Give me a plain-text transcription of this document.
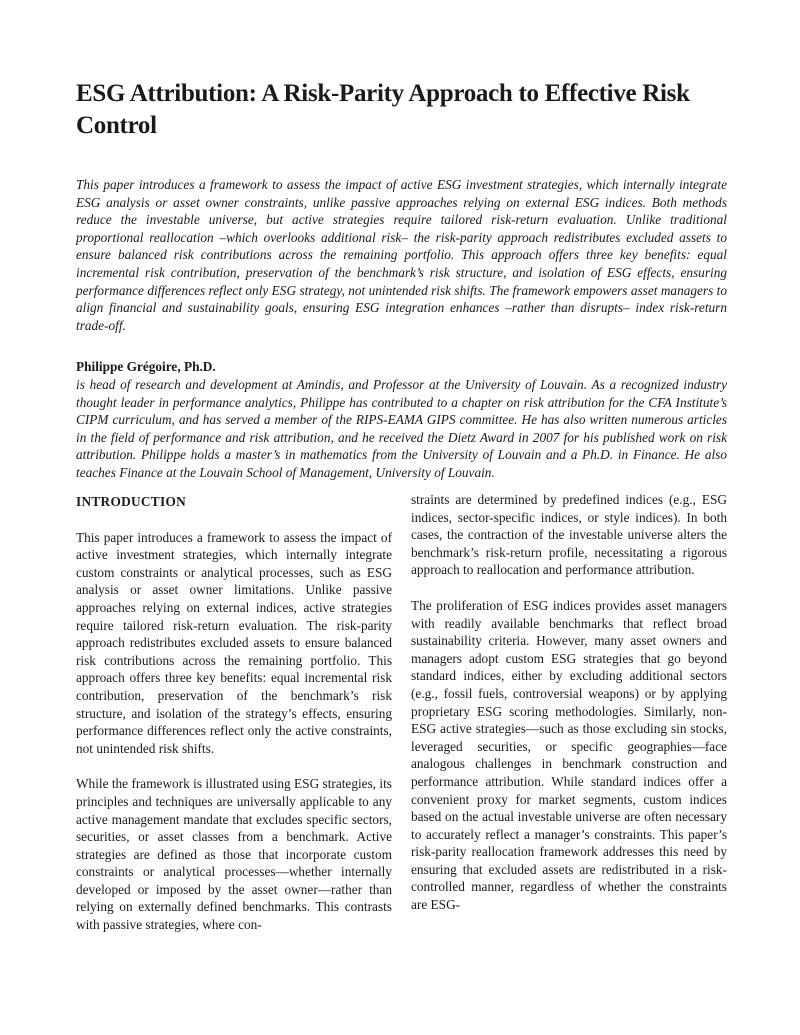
ESG Attribution: A Risk-Parity Approach to Effective Risk Control

This paper introduces a framework to assess the impact of active ESG investment strategies, which internally integrate ESG analysis or asset owner constraints, unlike passive approaches relying on external ESG indices. Both methods reduce the investable universe, but active strategies require tailored risk-return evaluation. Unlike traditional proportional reallocation –which overlooks additional risk– the risk-parity approach redistributes excluded assets to ensure balanced risk contributions across the remaining portfolio. This approach offers three key benefits: equal incremental risk contribution, preservation of the benchmark’s risk structure, and isolation of ESG effects, ensuring performance differences reflect only ESG strategy, not unintended risk shifts. The framework empowers asset managers to align financial and sustainability goals, ensuring ESG integration enhances –rather than disrupts– index risk-return trade-off.

Philippe Grégoire, Ph.D.

is head of research and development at Amindis, and Professor at the University of Louvain. As a recognized industry thought leader in performance analytics, Philippe has contributed to a chapter on risk attribution for the CFA Institute’s CIPM curriculum, and has served a member of the RIPS-EAMA GIPS committee. He has also written numerous articles in the field of performance and risk attribution, and he received the Dietz Award in 2007 for his published work on risk attribution. Philippe holds a master’s in mathematics from the University of Louvain and a Ph.D. in Finance. He also teaches Finance at the Louvain School of Management, University of Louvain.

INTRODUCTION

This paper introduces a framework to assess the impact of active investment strategies, which internally integrate custom constraints or analytical processes, such as ESG analysis or asset owner limitations. Unlike passive approaches relying on external indices, active strategies require tailored risk-return evaluation. The risk-parity approach redistributes excluded assets to ensure balanced risk contributions across the remaining portfolio. This approach offers three key benefits: equal incremental risk contribution, preservation of the benchmark’s risk structure, and isolation of the strategy’s effects, ensuring performance differences reflect only the active constraints, not unintended risk shifts.

While the framework is illustrated using ESG strategies, its principles and techniques are universally applicable to any active management mandate that excludes specific sectors, securities, or asset classes from a benchmark. Active strategies are defined as those that incorporate custom constraints or analytical processes—whether internally developed or imposed by the asset owner—rather than relying on externally defined benchmarks. This contrasts with passive strategies, where con-

straints are determined by predefined indices (e.g., ESG indices, sector-specific indices, or style indices). In both cases, the contraction of the investable universe alters the benchmark’s risk-return profile, necessitating a rigorous approach to reallocation and performance attribution.

The proliferation of ESG indices provides asset managers with readily available benchmarks that reflect broad sustainability criteria. However, many asset owners and managers adopt custom ESG strategies that go beyond standard indices, either by excluding additional sectors (e.g., fossil fuels, controversial weapons) or by applying proprietary ESG scoring methodologies. Similarly, non-ESG active strategies—such as those excluding sin stocks, leveraged securities, or specific geographies—face analogous challenges in benchmark construction and performance attribution. While standard indices offer a convenient proxy for market segments, custom indices based on the actual investable universe are often necessary to accurately reflect a manager’s constraints. This paper’s risk-parity reallocation framework addresses this need by ensuring that excluded assets are redistributed in a risk-controlled manner, regardless of whether the constraints are ESG-
